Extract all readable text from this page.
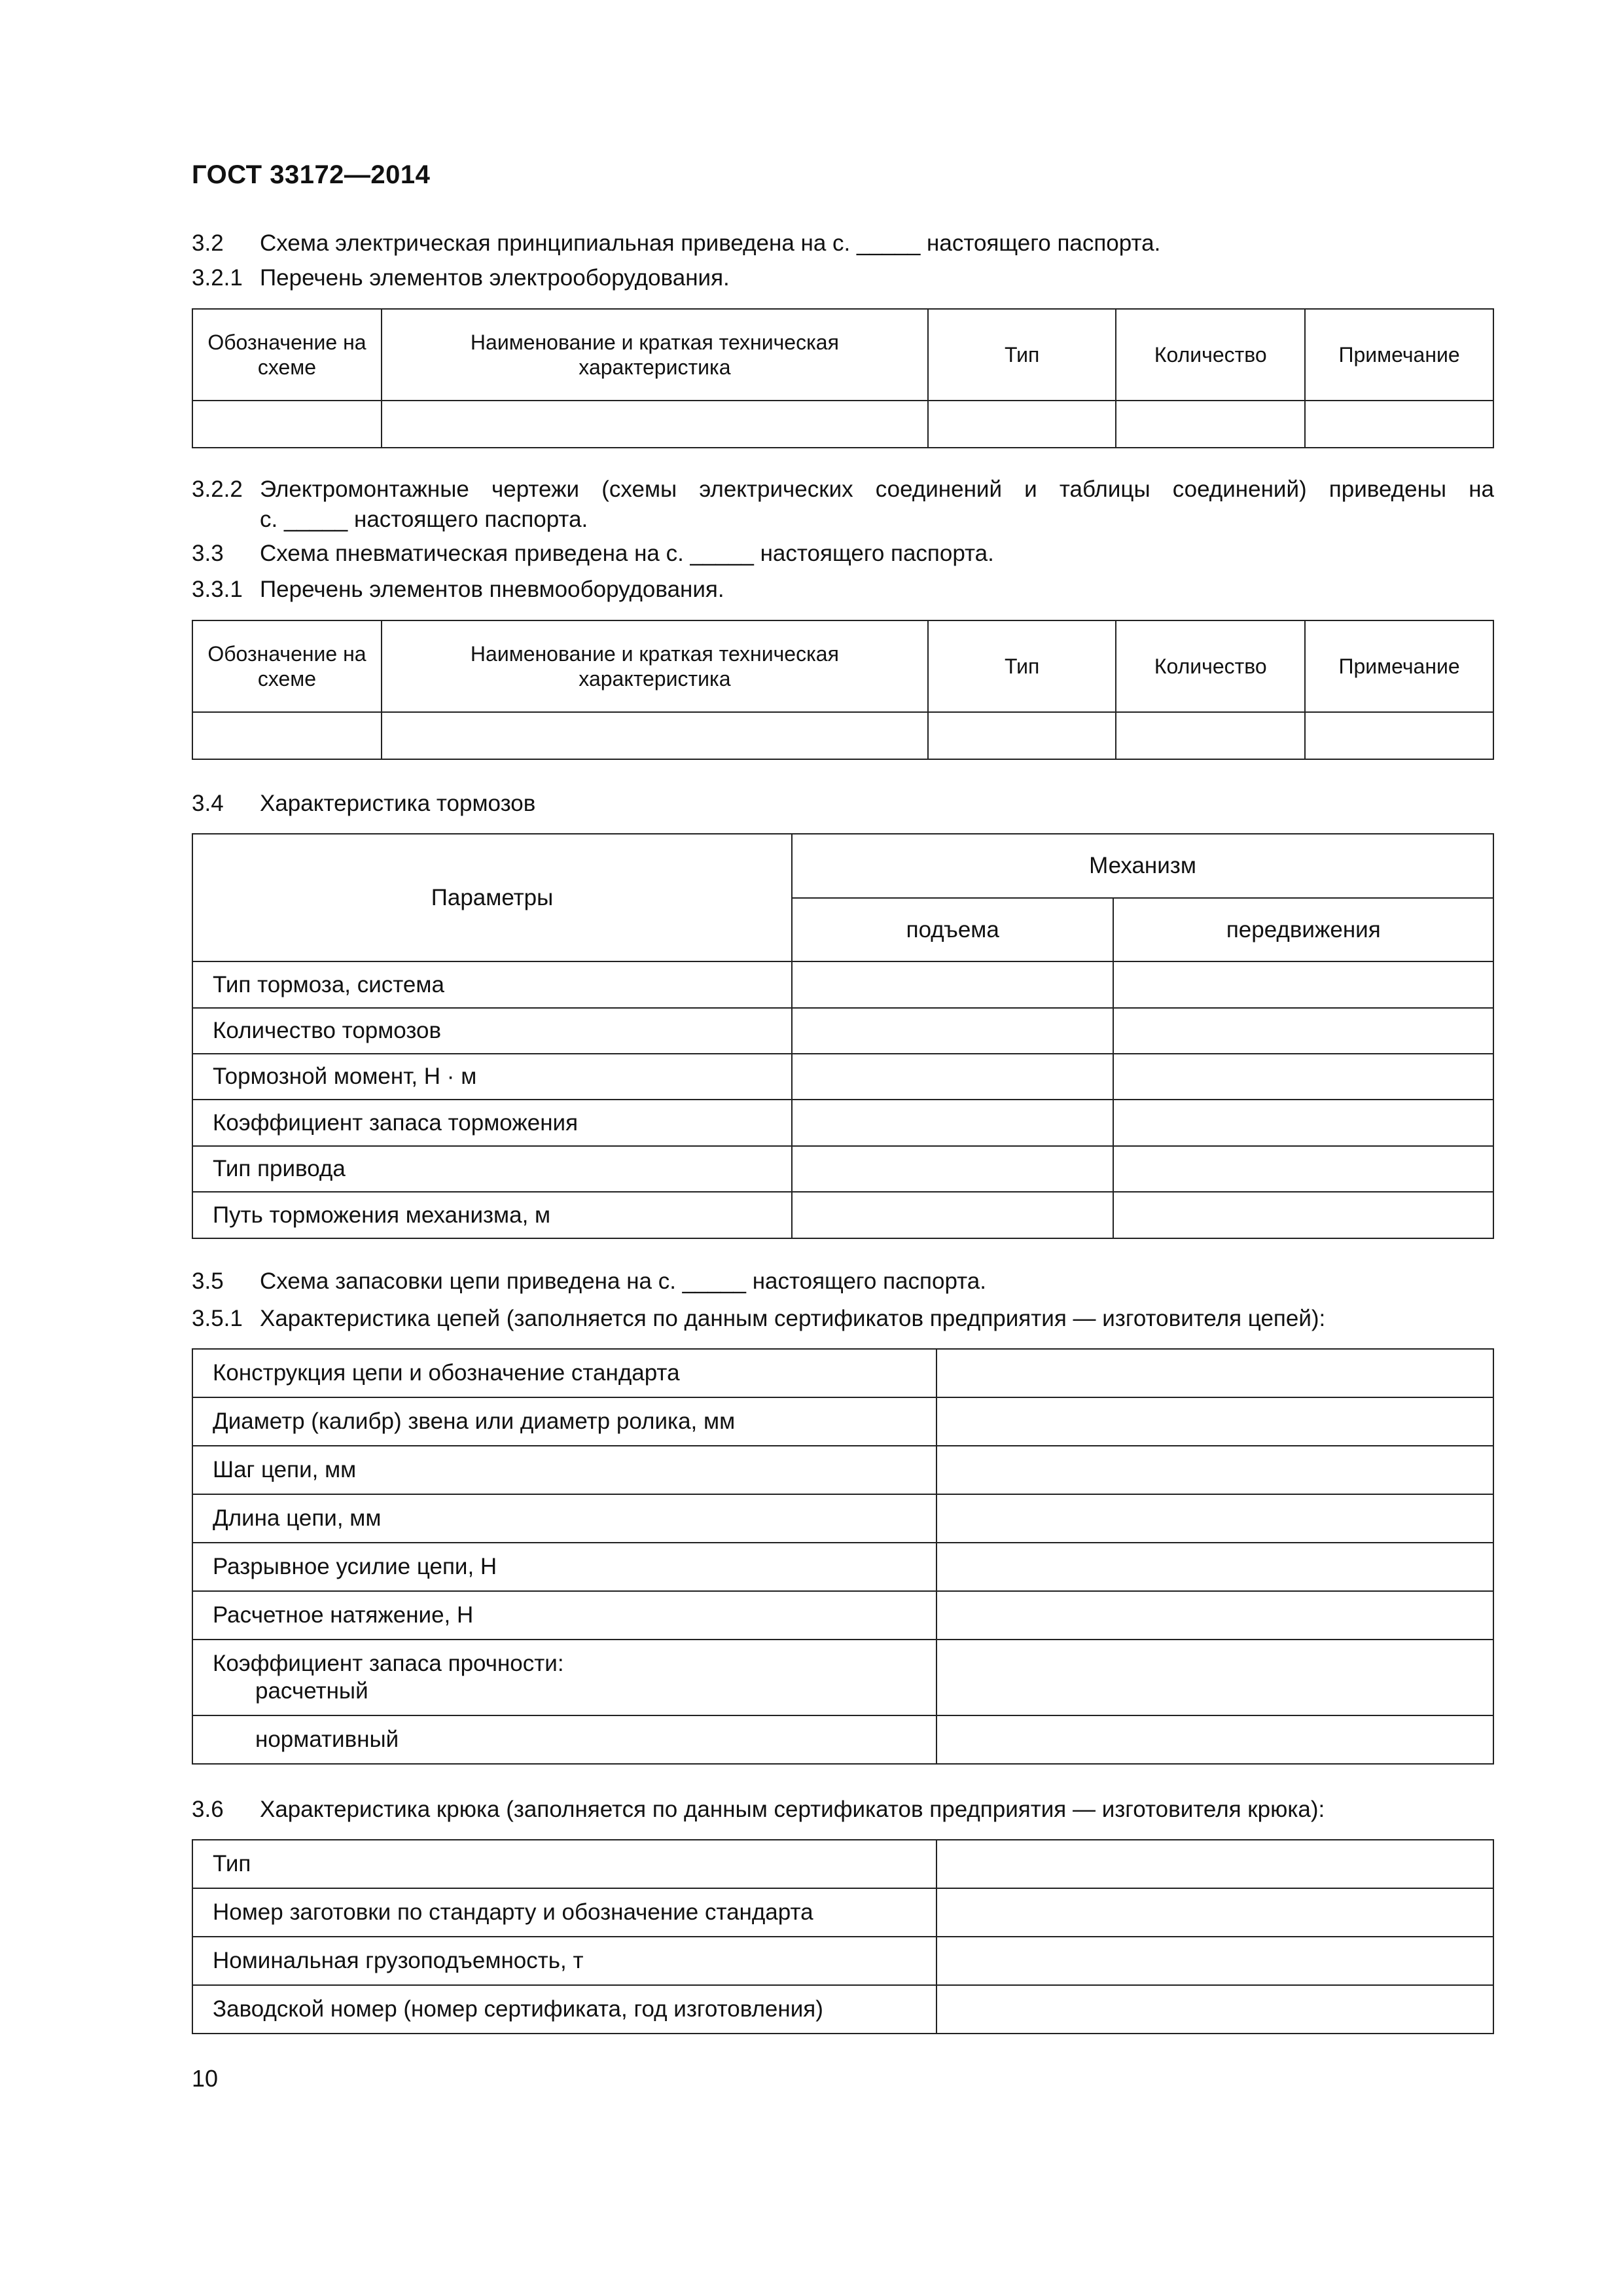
ГОСТ 33172—2014
3.2 Схема электрическая принципиальная приведена на с. _____ настоящего паспорта.
3.2.1 Перечень элементов электрооборудования.
Обозначение на схеме	Наименование и краткая техническая характеристика	Тип	Количество	Примечание

3.2.2 Электромонтажные чертежи (схемы электрических соединений и таблицы соединений) приведены на
с. _____ настоящего паспорта.
3.3 Схема пневматическая приведена на с. _____ настоящего паспорта.
3.3.1 Перечень элементов пневмооборудования.
Обозначение на схеме	Наименование и краткая техническая характеристика	Тип	Количество	Примечание

3.4 Характеристика тормозов
Параметры	Механизм	
	подъема	передвижения
Тип тормоза, система		
Количество тормозов		
Тормозной момент, Н · м		
Коэффициент запаса торможения		
Тип привода		
Путь торможения механизма, м		
3.5 Схема запасовки цепи приведена на с. _____ настоящего паспорта.
3.5.1 Характеристика цепей (заполняется по данным сертификатов предприятия — изготовителя цепей):
Конструкция цепи и обозначение стандарта	
Диаметр (калибр) звена или диаметр ролика, мм	
Шаг цепи, мм	
Длина цепи, мм	
Разрывное усилие цепи, Н	
Расчетное натяжение, Н	

Коэффициент запаса прочности:
расчетный	

нормативный	
3.6 Характеристика крюка (заполняется по данным сертификатов предприятия — изготовителя крюка):
Тип	
Номер заготовки по стандарту и обозначение стандарта	
Номинальная грузоподъемность, т	
Заводской номер (номер сертификата, год изготовления)	
10
